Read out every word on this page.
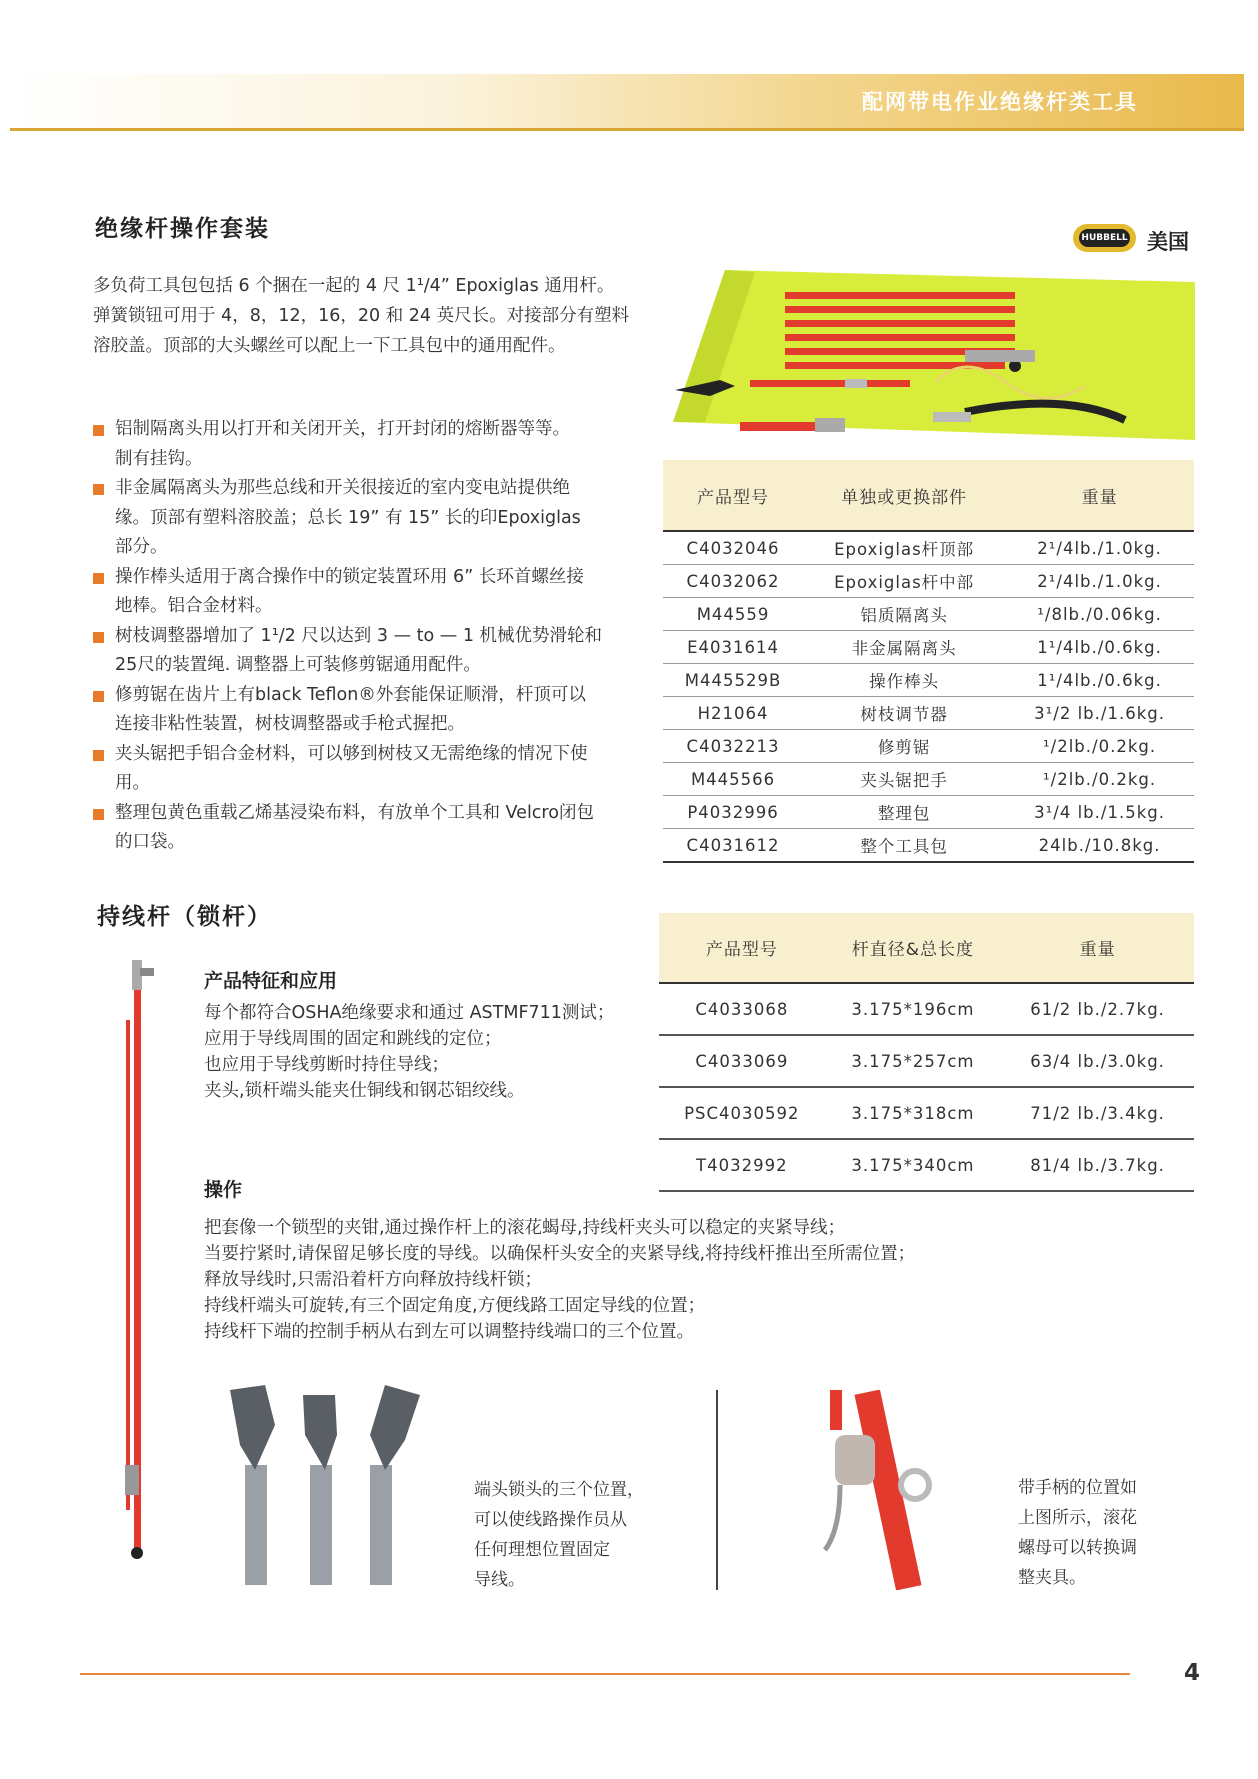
配网带电作业绝缘杆类工具
绝缘杆操作套装	HUBBELL 美国
多负荷工具包包括 6 个捆在一起的 4 尺 1¹/4” Epoxiglas 通用杆。
弹簧锁钮可用于 4，8，12，16，20 和 24 英尺长。对接部分有塑料
溶胶盖。顶部的大头螺丝可以配上一下工具包中的通用配件。
铝制隔离头用以打开和关闭开关，打开封闭的熔断器等等。
制有挂钩。
非金属隔离头为那些总线和开关很接近的室内变电站提供绝
缘。顶部有塑料溶胶盖；总长 19” 有 15” 长的印Epoxiglas
部分。
操作棒头适用于离合操作中的锁定装置环用 6” 长环首螺丝接
地棒。铝合金材料。
树枝调整器增加了 1¹/2 尺以达到 3 — to — 1 机械优势滑轮和
25尺的装置绳. 调整器上可装修剪锯通用配件。
修剪锯在齿片上有black Teflon®外套能保证顺滑，杆顶可以
连接非粘性装置，树枝调整器或手枪式握把。
夹头锯把手铝合金材料，可以够到树枝又无需绝缘的情况下使
用。
整理包黄色重载乙烯基浸染布料，有放单个工具和 Velcro闭包
的口袋。
产品型号	单独或更换部件	重量
C4032046	Epoxiglas杆顶部	2¹/4lb./1.0kg.
C4032062	Epoxiglas杆中部	2¹/4lb./1.0kg.
M44559	铝质隔离头	¹/8lb./0.06kg.
E4031614	非金属隔离头	1¹/4lb./0.6kg.
M445529B	操作棒头	1¹/4lb./0.6kg.
H21064	树枝调节器	3¹/2 lb./1.6kg.
C4032213	修剪锯	¹/2lb./0.2kg.
M445566	夹头锯把手	¹/2lb./0.2kg.
P4032996	整理包	3¹/4 lb./1.5kg.
C4031612	整个工具包	24lb./10.8kg.
持线杆（锁杆）
产品型号	杆直径&总长度	重量
C4033068	3.175*196cm	61/2 lb./2.7kg.
C4033069	3.175*257cm	63/4 lb./3.0kg.
PSC4030592	3.175*318cm	71/2 lb./3.4kg.
T4032992	3.175*340cm	81/4 lb./3.7kg.
产品特征和应用
每个都符合OSHA绝缘要求和通过 ASTMF711测试；
应用于导线周围的固定和跳线的定位；
也应用于导线剪断时持住导线；
夹头,锁杆端头能夹仕铜线和钢芯铝绞线。
操作
把套像一个锁型的夹钳,通过操作杆上的滚花蝎母,持线杆夹头可以稳定的夹紧导线；
当要拧紧时,请保留足够长度的导线。以确保杆头安全的夹紧导线,将持线杆推出至所需位置；
释放导线时,只需沿着杆方向释放持线杆锁；
持线杆端头可旋转,有三个固定角度,方便线路工固定导线的位置；
持线杆下端的控制手柄从右到左可以调整持线端口的三个位置。
端头锁头的三个位置，
可以使线路操作员从
任何理想位置固定
导线。
带手柄的位置如
上图所示，滚花
螺母可以转换调
整夹具。
4
